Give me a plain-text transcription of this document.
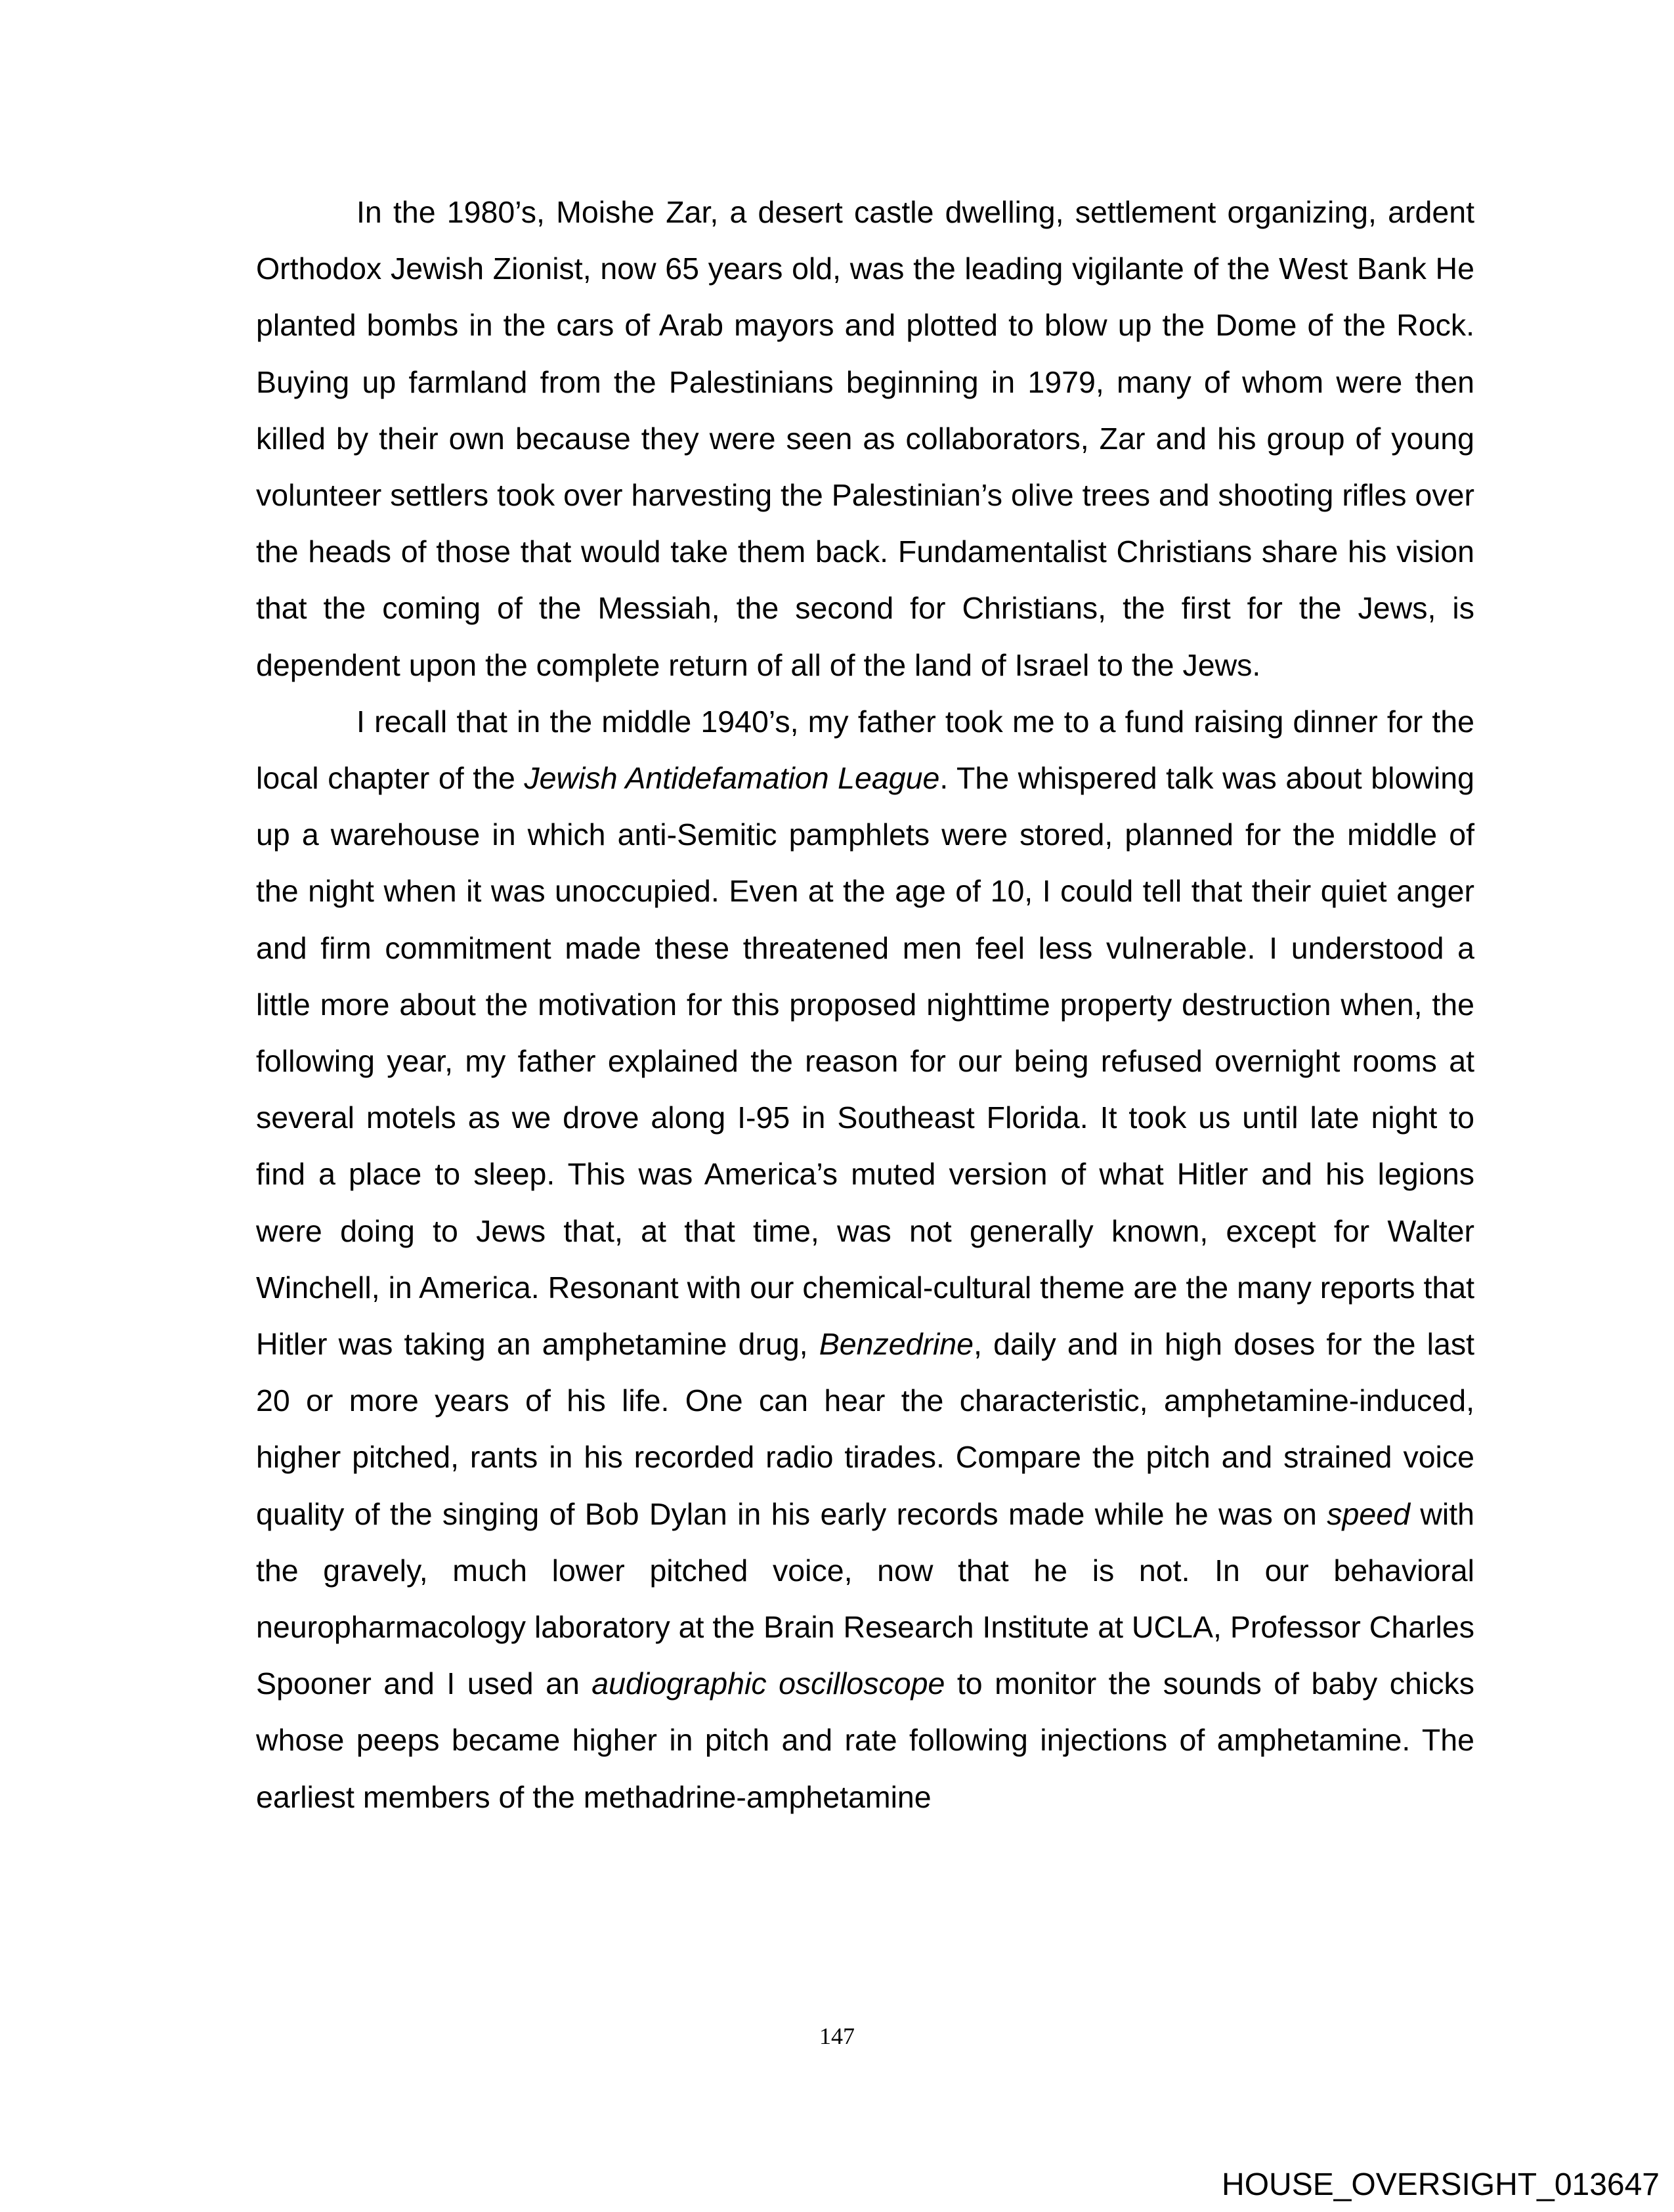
In the 1980’s, Moishe Zar, a desert castle dwelling, settlement organizing, ardent Orthodox Jewish Zionist, now 65 years old, was the leading vigilante of the West Bank He planted bombs in the cars of Arab mayors and plotted to blow up the Dome of the Rock. Buying up farmland from the Palestinians beginning in 1979, many of whom were then killed by their own because they were seen as collaborators, Zar and his group of young volunteer settlers took over harvesting the Palestinian’s olive trees and shooting rifles over the heads of those that would take them back. Fundamentalist Christians share his vision that the coming of the Messiah, the second for Christians, the first for the Jews, is dependent upon the complete return of all of the land of Israel to the Jews.

I recall that in the middle 1940’s, my father took me to a fund raising dinner for the local chapter of the Jewish Antidefamation League. The whispered talk was about blowing up a warehouse in which anti-Semitic pamphlets were stored, planned for the middle of the night when it was unoccupied. Even at the age of 10, I could tell that their quiet anger and firm commitment made these threatened men feel less vulnerable. I understood a little more about the motivation for this proposed nighttime property destruction when, the following year, my father explained the reason for our being refused overnight rooms at several motels as we drove along I-95 in Southeast Florida. It took us until late night to find a place to sleep. This was America’s muted version of what Hitler and his legions were doing to Jews that, at that time, was not generally known, except for Walter Winchell, in America. Resonant with our chemical-cultural theme are the many reports that Hitler was taking an amphetamine drug, Benzedrine, daily and in high doses for the last 20 or more years of his life. One can hear the characteristic, amphetamine-induced, higher pitched, rants in his recorded radio tirades. Compare the pitch and strained voice quality of the singing of Bob Dylan in his early records made while he was on speed with the gravely, much lower pitched voice, now that he is not. In our behavioral neuropharmacology laboratory at the Brain Research Institute at UCLA, Professor Charles Spooner and I used an audiographic oscilloscope to monitor the sounds of baby chicks whose peeps became higher in pitch and rate following injections of amphetamine. The earliest members of the methadrine-amphetamine

147
HOUSE_OVERSIGHT_013647
